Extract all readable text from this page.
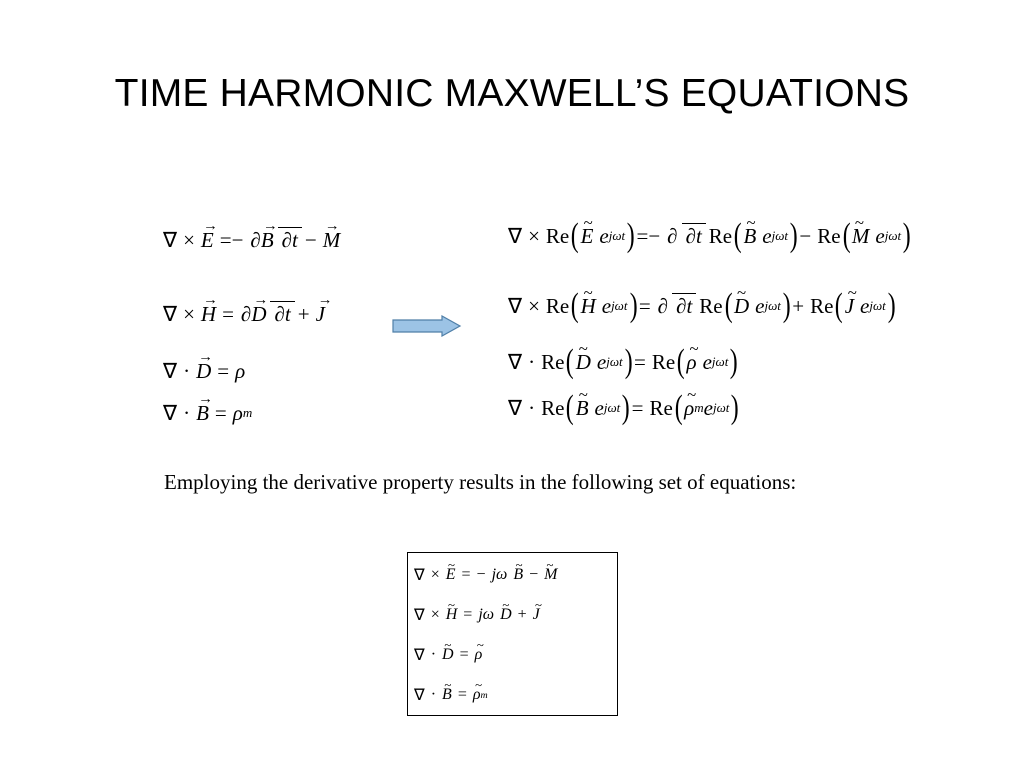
TIME HARMONIC MAXWELL’S EQUATIONS
∇ × → E = − ∂→ B ∂t − → M
∇ × → H = ∂→ D ∂t + → J
∇ · → D = ρ
∇ · → B = ρ m
∇ × Re ( ~ E e jωt ) = − ∂ ∂t Re ( ~ B e jωt ) − Re ( ~ M e jωt )
∇ × Re ( ~ H e jωt ) = ∂ ∂t Re ( ~ D e jωt ) + Re ( ~ J e jωt )
∇ · Re ( ~ D e jωt ) = Re ( ~ ρ e jωt )
∇ · Re ( ~ B e jωt ) = Re ( ~ ρ m e jωt )
Employing the derivative property results in the following set of equations:
∇ × ~ E = − j ω ~ B − ~ M
∇ × ~ H = j ω ~ D + ~ J
∇ · ~ D = ~ ρ
∇ · ~ B = ~ ρ m
